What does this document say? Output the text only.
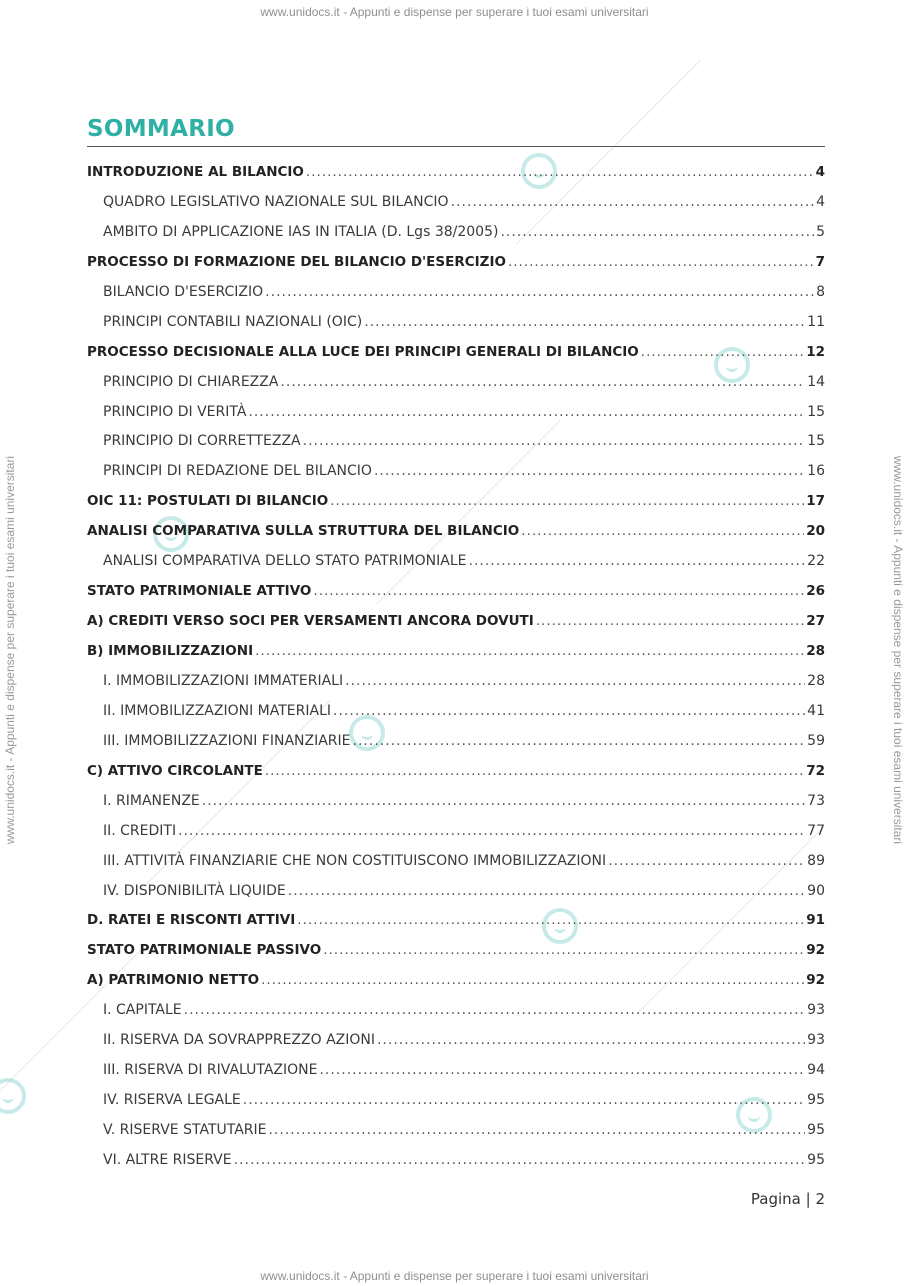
www.unidocs.it - Appunti e dispense per superare i tuoi esami universitari
www.unidocs.it - Appunti e dispense per superare i tuoi esami universitari
www.unidocs.it - Appunti e dispense per superare i tuoi esami universitari	www.unidocs.it - Appunti e dispense per superare i tuoi esami universitari
SOMMARIO
INTRODUZIONE AL BILANCIO .....	4
QUADRO LEGISLATIVO NAZIONALE SUL BILANCIO .....	4
AMBITO DI APPLICAZIONE IAS IN ITALIA (D. Lgs 38/2005) .....	5
PROCESSO DI FORMAZIONE DEL BILANCIO D'ESERCIZIO .....	7
BILANCIO D'ESERCIZIO .....	8
PRINCIPI CONTABILI NAZIONALI (OIC) .....	11
PROCESSO DECISIONALE ALLA LUCE DEI PRINCIPI GENERALI DI BILANCIO .....	12
PRINCIPIO DI CHIAREZZA .....	14
PRINCIPIO DI VERITÀ .....	15
PRINCIPIO DI CORRETTEZZA .....	15
PRINCIPI DI REDAZIONE DEL BILANCIO .....	16
OIC 11: POSTULATI DI BILANCIO .....	17
ANALISI COMPARATIVA SULLA STRUTTURA DEL BILANCIO .....	20
ANALISI COMPARATIVA DELLO STATO PATRIMONIALE .....	22
STATO PATRIMONIALE ATTIVO .....	26
A) CREDITI VERSO SOCI PER VERSAMENTI ANCORA DOVUTI .....	27
B) IMMOBILIZZAZIONI .....	28
I. IMMOBILIZZAZIONI IMMATERIALI .....	28
II. IMMOBILIZZAZIONI MATERIALI .....	41
III. IMMOBILIZZAZIONI FINANZIARIE .....	59
C) ATTIVO CIRCOLANTE .....	72
I. RIMANENZE .....	73
II. CREDITI .....	77
III. ATTIVITÀ FINANZIARIE CHE NON COSTITUISCONO IMMOBILIZZAZIONI .....	89
IV. DISPONIBILITÀ LIQUIDE .....	90
D. RATEI E RISCONTI ATTIVI .....	91
STATO PATRIMONIALE PASSIVO .....	92
A) PATRIMONIO NETTO .....	92
I. CAPITALE .....	93
II. RISERVA DA SOVRAPPREZZO AZIONI .....	93
III. RISERVA DI RIVALUTAZIONE .....	94
IV. RISERVA LEGALE .....	95
V. RISERVE STATUTARIE .....	95
VI. ALTRE RISERVE .....	95
Pagina | 2
